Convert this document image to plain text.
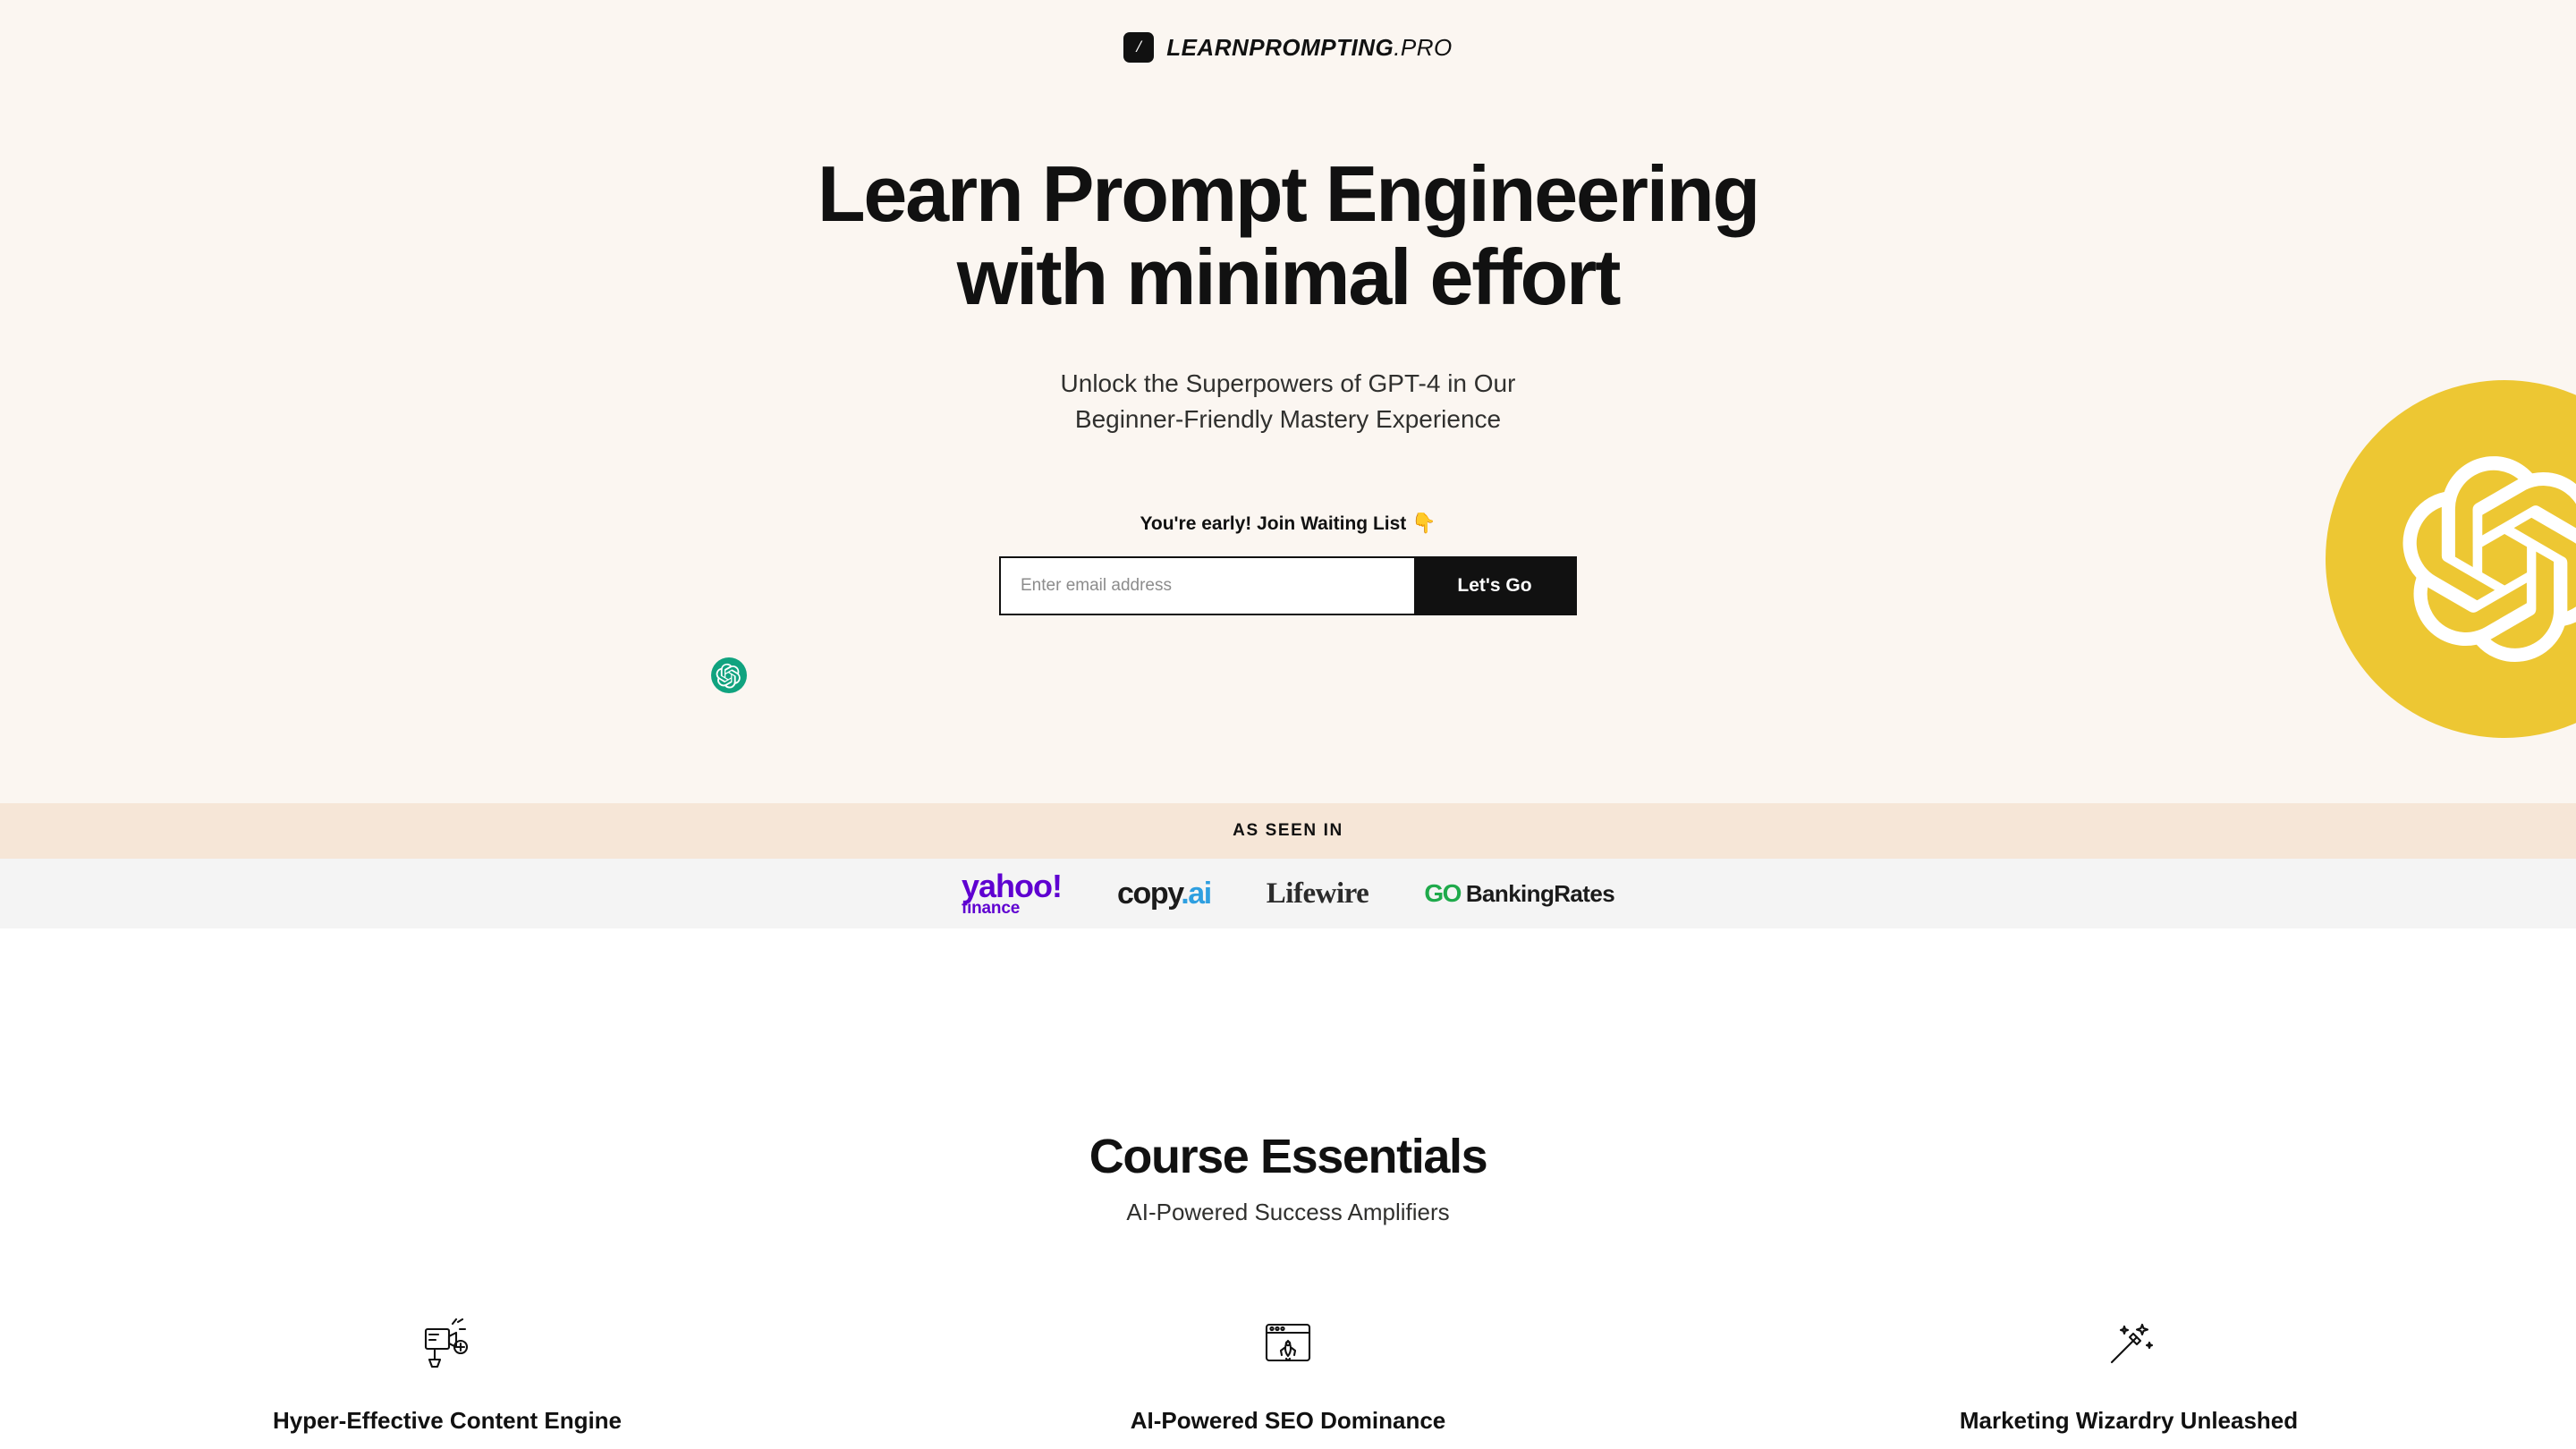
/ LEARNPROMPTING.PRO
Learn Prompt Engineering
with minimal effort

Unlock the Superpowers of GPT-4 in Our
Beginner-Friendly Mastery Experience

You're early! Join Waiting List 👇

Enter email address
Let's Go
AS SEEN IN
yahoo!
finance	copy.ai Lifewire GO BankingRates
Course Essentials

AI-Powered Success Amplifiers

Hyper-Effective Content Engine	AI-Powered SEO Dominance	Marketing Wizardry Unleashed
